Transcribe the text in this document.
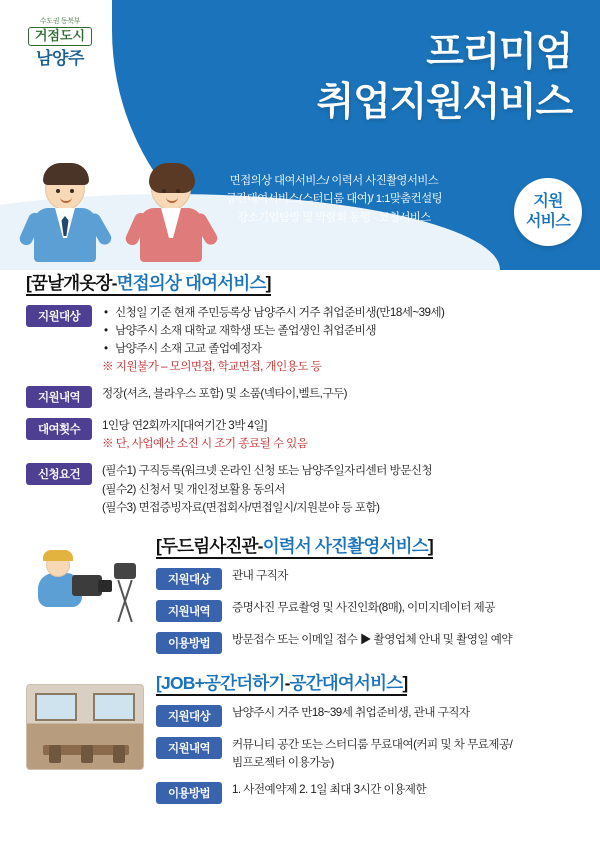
수도권 동북부
거점도시
남양주	프리미엄
취업지원서비스
면접의상 대여서비스/ 이력서 사진촬영서비스
공간대여서비스(스터디룸 대여)/ 1:1맞춤컨설팅
강소기업탐방 및 박람회 동행 · 코칭서비스
지원
서비스
[꿈날개옷장-면접의상 대여서비스]
지원대상	• 신청일 기준 현재 주민등록상 남양주시 거주 취업준비생(만18세~39세)
• 남양주시 소재 대학교 재학생 또는 졸업생인 취업준비생
• 남양주시 소재 고교 졸업예정자
※ 지원불가 – 모의면접, 학교면접, 개인용도 등
지원내역	정장(셔츠, 블라우스 포함) 및 소품(넥타이,벨트,구두)
대여횟수	1인당 연2회까지[대여기간 3박 4일]
※ 단, 사업예산 소진 시 조기 종료될 수 있음
신청요건	(필수1) 구직등록(워크넷 온라인 신청 또는 남양주일자리센터 방문신청
(필수2) 신청서 및 개인정보활용 동의서
(필수3) 면접증빙자료(면접회사/면접일시/지원분야 등 포함)
[두드림사진관-이력서 사진촬영서비스]
지원대상	관내 구직자
지원내역	증명사진 무료촬영 및 사진인화(8매), 이미지데이터 제공
이용방법	방문접수 또는 이메일 접수 ▶ 촬영업체 안내 및 촬영일 예약
[JOB+공간더하기-공간대여서비스]
지원대상	남양주시 거주 만18~39세 취업준비생, 관내 구직자
지원내역	커뮤니티 공간 또는 스터디룸 무료대여(커피 및 차 무료제공/
빔프로젝터 이용가능)
이용방법	1. 사전예약제 2. 1일 최대 3시간 이용제한
